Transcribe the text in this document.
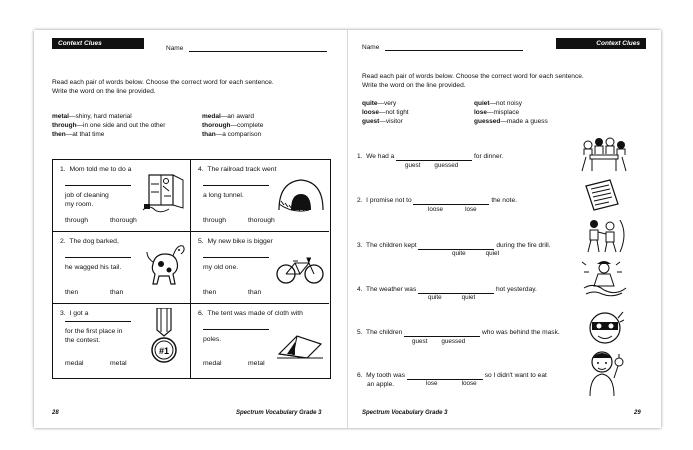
Context Clues
Name
Read each pair of words below. Choose the correct word for each sentence.
Write the word on the line provided.
metal—shiny, hard material	medal—an award
through—in one side and out the other	thorough—complete
then—at that time	than—a comparison
1. Mom told me to do a
job of cleaning
my room.
through	thorough
2. The dog barked,
he wagged his tail.
then	than
3. I got a
for the first place in
the contest.
medal	metal
#1
4. The railroad track went
a long tunnel.
through	thorough
5. My new bike is bigger
my old one.
then	than
6. The tent was made of cloth with
poles.
medal	metal
28	Spectrum Vocabulary Grade 3
Name
Context Clues
Read each pair of words below. Choose the correct word for each sentence.
Write the word on the line provided.
quite—very	quiet—not noisy
loose—not tight	lose—misplace
guest—visitor	guessed—made a guess
1. We had a	for dinner.
guest guessed
2. I promise not to	the note.
loose	lose
3. The children kept	during the fire drill.
quite	quiet
4. The weather was	hot yesterday.
quite	quiet
5. The children	who was behind the mask.
guest guessed
6. My tooth was	so I didn't want to eat
an apple.	lose	loose
Spectrum Vocabulary Grade 3	29
